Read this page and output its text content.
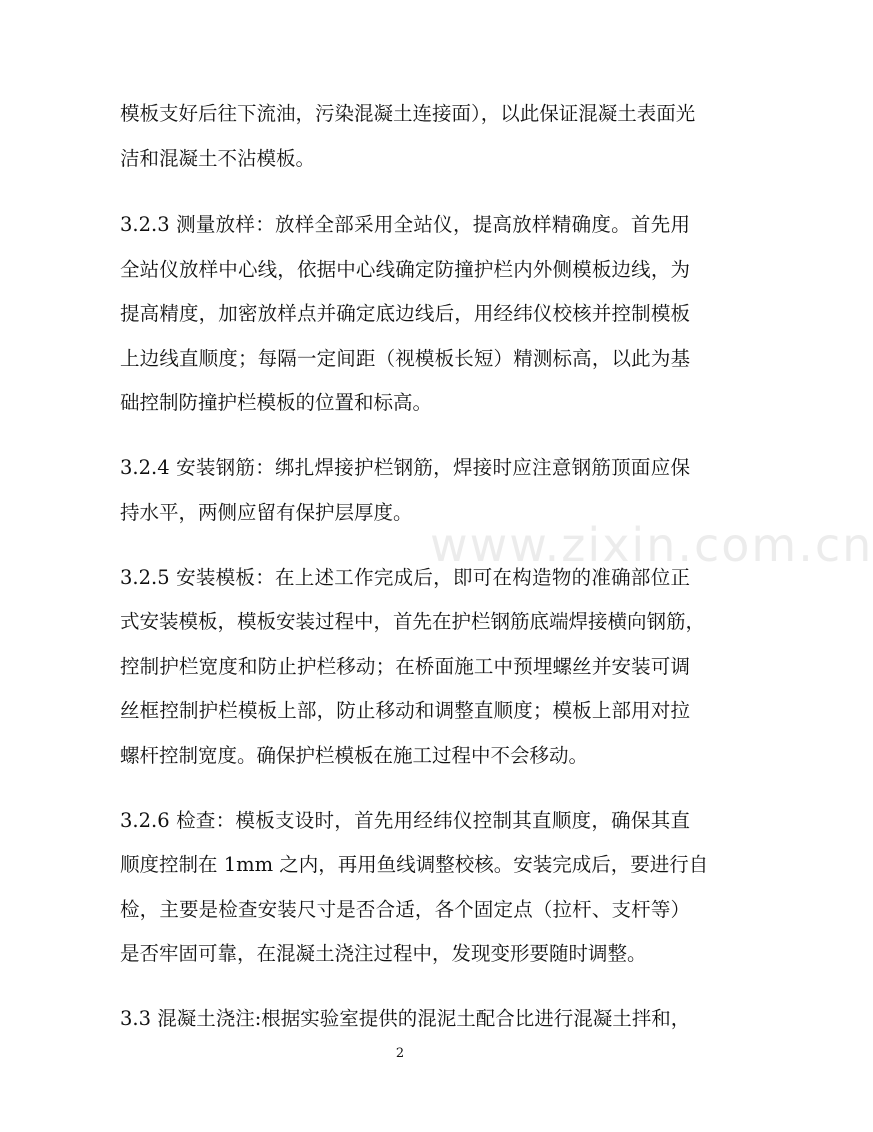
www.zixin.com.cn
模板支好后往下流油，污染混凝土连接面），以此保证混凝土表面光
洁和混凝土不沾模板。
3.2.3 测量放样：放样全部采用全站仪，提高放样精确度。首先用
全站仪放样中心线，依据中心线确定防撞护栏内外侧模板边线，为
提高精度，加密放样点并确定底边线后，用经纬仪校核并控制模板
上边线直顺度；每隔一定间距（视模板长短）精测标高，以此为基
础控制防撞护栏模板的位置和标高。
3.2.4 安装钢筋：绑扎焊接护栏钢筋，焊接时应注意钢筋顶面应保
持水平，两侧应留有保护层厚度。
3.2.5 安装模板：在上述工作完成后，即可在构造物的准确部位正
式安装模板，模板安装过程中，首先在护栏钢筋底端焊接横向钢筋，
控制护栏宽度和防止护栏移动；在桥面施工中预埋螺丝并安装可调
丝框控制护栏模板上部，防止移动和调整直顺度；模板上部用对拉
螺杆控制宽度。确保护栏模板在施工过程中不会移动。
3.2.6 检查：模板支设时，首先用经纬仪控制其直顺度，确保其直
顺度控制在 1mm 之内，再用鱼线调整校核。安装完成后，要进行自
检，主要是检查安装尺寸是否合适，各个固定点（拉杆、支杆等）
是否牢固可靠，在混凝土浇注过程中，发现变形要随时调整。
3.3 混凝土浇注:根据实验室提供的混泥土配合比进行混凝土拌和，
2
